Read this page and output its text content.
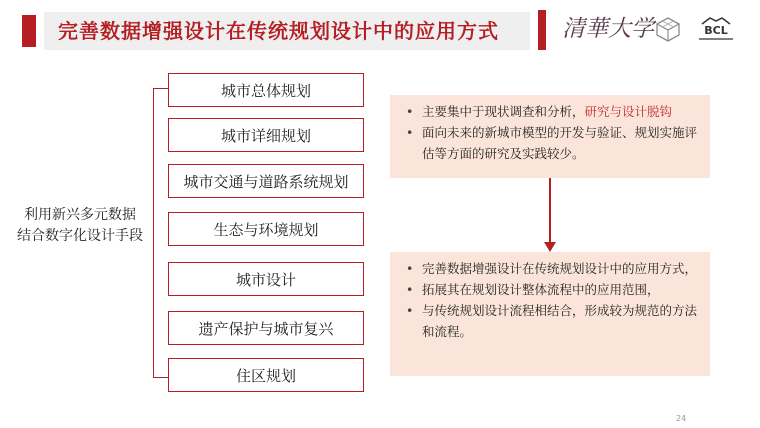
完善数据增强设计在传统规划设计中的应用方式	清華大学	BCL
利用新兴多元数据
结合数字化设计手段
城市总体规划
城市详细规划
城市交通与道路系统规划
生态与环境规划
城市设计
遗产保护与城市复兴
住区规划
• 主要集中于现状调查和分析，研究与设计脱钩
• 面向未来的新城市模型的开发与验证、规划实施评估等方面的研究及实践较少。
• 完善数据增强设计在传统规划设计中的应用方式，
• 拓展其在规划设计整体流程中的应用范围，
• 与传统规划设计流程相结合，形成较为规范的方法和流程。
24
